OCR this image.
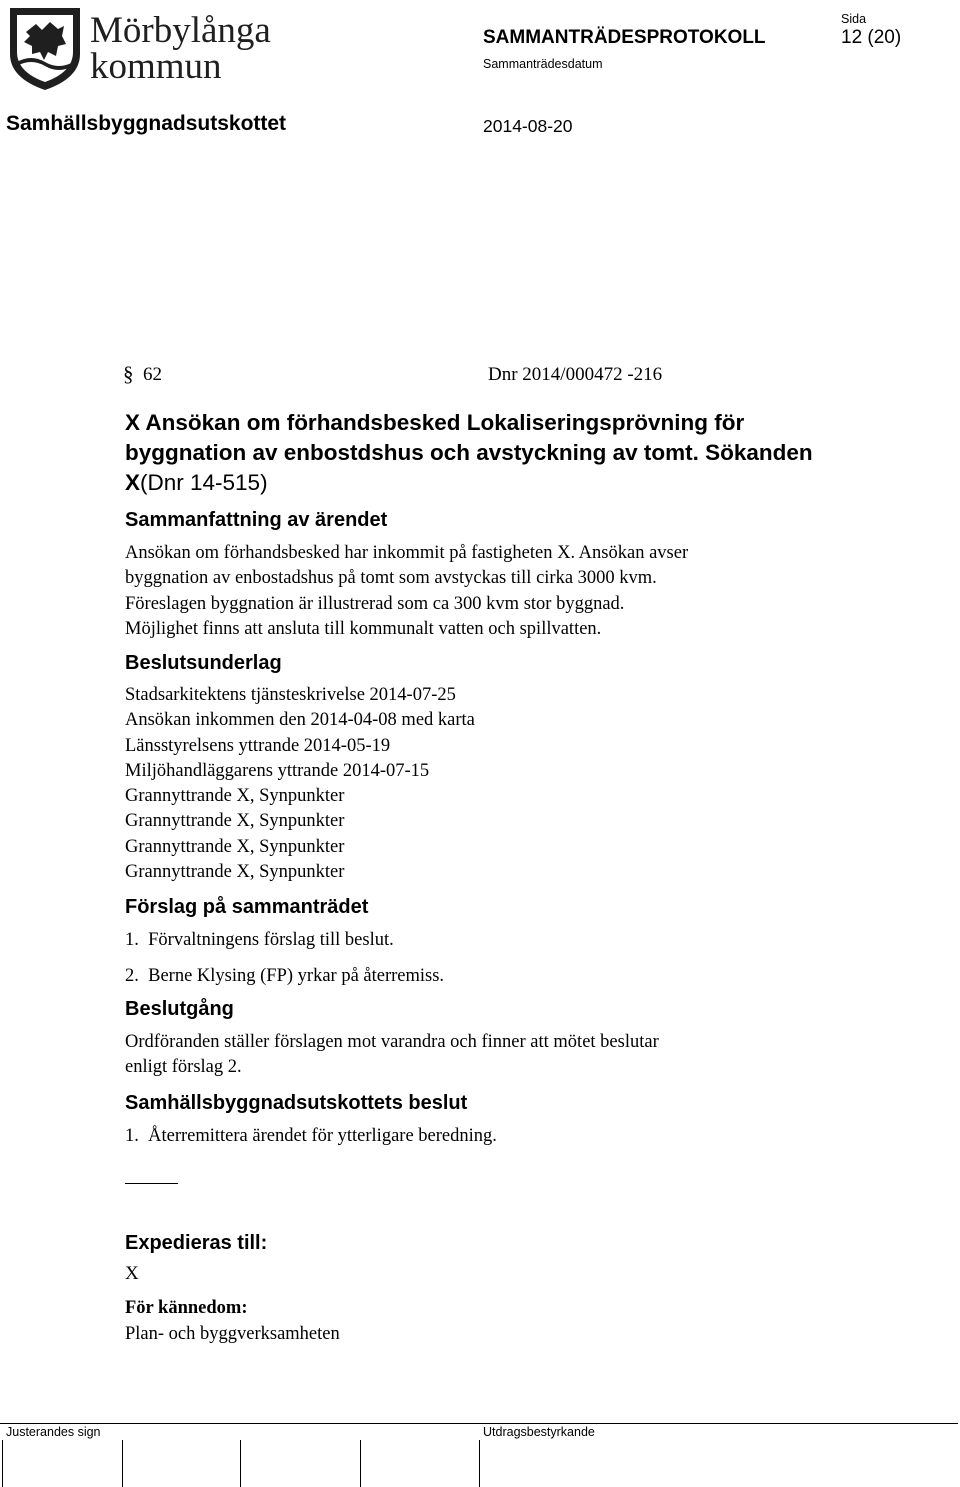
Mörbylånga
kommun
SAMMANTRÄDESPROTOKOLL
Sammanträdesdatum
Sida
12 (20)
Samhällsbyggnadsutskottet	2014-08-20
§ 62	Dnr 2014/000472 -216
X Ansökan om förhandsbesked Lokaliseringsprövning för byggnation av enbostdshus och avstyckning av tomt. Sökanden X(Dnr 14-515)
Sammanfattning av ärendet
Ansökan om förhandsbesked har inkommit på fastigheten X. Ansökan avser
byggnation av enbostadshus på tomt som avstyckas till cirka 3000 kvm.
Föreslagen byggnation är illustrerad som ca 300 kvm stor byggnad.
Möjlighet finns att ansluta till kommunalt vatten och spillvatten.
Beslutsunderlag
Stadsarkitektens tjänsteskrivelse 2014-07-25
Ansökan inkommen den 2014-04-08 med karta
Länsstyrelsens yttrande 2014-05-19
Miljöhandläggarens yttrande 2014-07-15
Grannyttrande X, Synpunkter
Grannyttrande X, Synpunkter
Grannyttrande X, Synpunkter
Grannyttrande X, Synpunkter
Förslag på sammanträdet
1.  Förvaltningens förslag till beslut.
2.  Berne Klysing (FP) yrkar på återremiss.
Beslutgång
Ordföranden ställer förslagen mot varandra och finner att mötet beslutar
enligt förslag 2.
Samhällsbyggnadsutskottets beslut
1.  Återremittera ärendet för ytterligare beredning.
Expedieras till:
X
För kännedom:
Plan- och byggverksamheten
Justerandes sign	Utdragsbestyrkande
